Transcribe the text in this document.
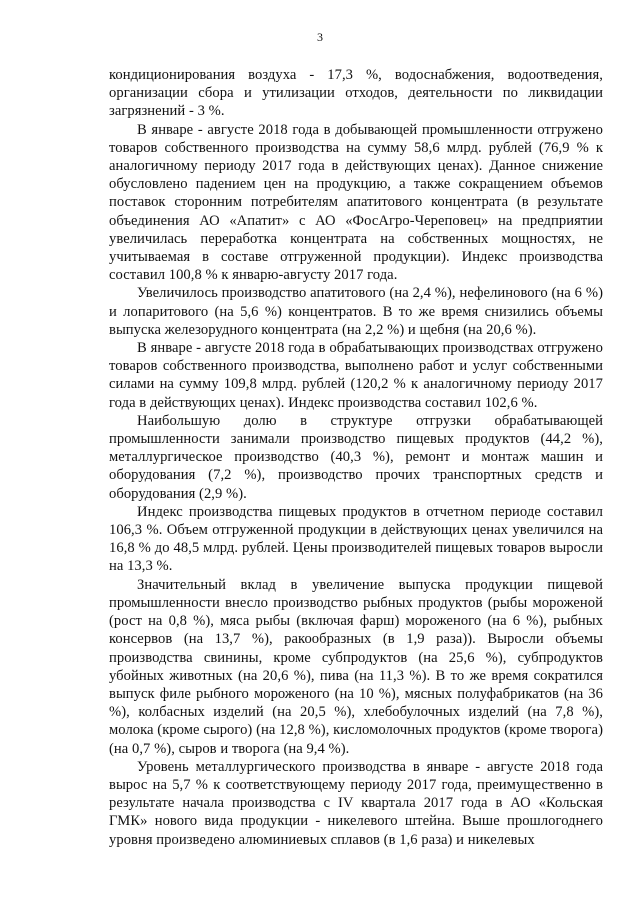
3

кондиционирования воздуха - 17,3 %, водоснабжения, водоотведения, организации сбора и утилизации отходов, деятельности по ликвидации загрязнений - 3 %.

В январе - августе 2018 года в добывающей промышленности отгружено товаров собственного производства на сумму 58,6 млрд. рублей (76,9 % к аналогичному периоду 2017 года в действующих ценах). Данное снижение обусловлено падением цен на продукцию, а также сокращением объемов поставок сторонним потребителям апатитового концентрата (в результате объединения АО «Апатит» с АО «ФосАгро-Череповец» на предприятии увеличилась переработка концентрата на собственных мощностях, не учитываемая в составе отгруженной продукции). Индекс производства составил 100,8 % к январю-августу 2017 года.

Увеличилось производство апатитового (на 2,4 %), нефелинового (на 6 %) и лопаритового (на 5,6 %) концентратов. В то же время снизились объемы выпуска железорудного концентрата (на 2,2 %) и щебня (на 20,6 %).

В январе - августе 2018 года в обрабатывающих производствах отгружено товаров собственного производства, выполнено работ и услуг собственными силами на сумму 109,8 млрд. рублей (120,2 % к аналогичному периоду 2017 года в действующих ценах). Индекс производства составил 102,6 %.

Наибольшую долю в структуре отгрузки обрабатывающей промышленности занимали производство пищевых продуктов (44,2 %), металлургическое производство (40,3 %), ремонт и монтаж машин и оборудования (7,2 %), производство прочих транспортных средств и оборудования (2,9 %).

Индекс производства пищевых продуктов в отчетном периоде составил 106,3 %. Объем отгруженной продукции в действующих ценах увеличился на 16,8 % до 48,5 млрд. рублей. Цены производителей пищевых товаров выросли на 13,3 %.

Значительный вклад в увеличение выпуска продукции пищевой промышленности внесло производство рыбных продуктов (рыбы мороженой (рост на 0,8 %), мяса рыбы (включая фарш) мороженого (на 6 %), рыбных консервов (на 13,7 %), ракообразных (в 1,9 раза)). Выросли объемы производства свинины, кроме субпродуктов (на 25,6 %), субпродуктов убойных животных (на 20,6 %), пива (на 11,3 %). В то же время сократился выпуск филе рыбного мороженого (на 10 %), мясных полуфабрикатов (на 36 %), колбасных изделий (на 20,5 %), хлебобулочных изделий (на 7,8 %), молока (кроме сырого) (на 12,8 %), кисломолочных продуктов (кроме творога) (на 0,7 %), сыров и творога (на 9,4 %).

Уровень металлургического производства в январе - августе 2018 года вырос на 5,7 % к соответствующему периоду 2017 года, преимущественно в результате начала производства с IV квартала 2017 года в АО «Кольская ГМК» нового вида продукции - никелевого штейна. Выше прошлогоднего уровня произведено алюминиевых сплавов (в 1,6 раза) и никелевых
